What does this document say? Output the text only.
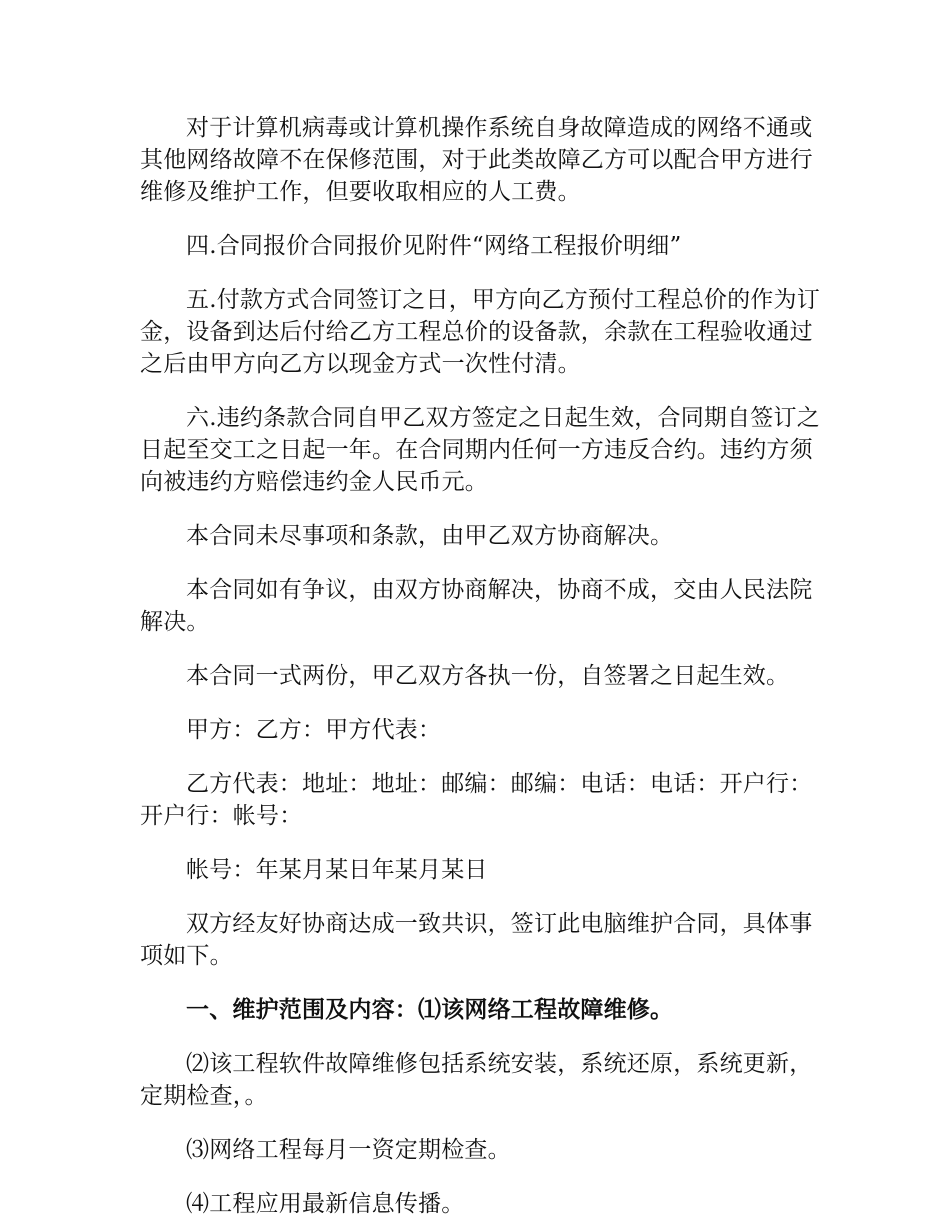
对于计算机病毒或计算机操作系统自身故障造成的网络不通或其他网络故障不在保修范围，对于此类故障乙方可以配合甲方进行维修及维护工作，但要收取相应的人工费。

四.合同报价合同报价见附件“网络工程报价明细”

五.付款方式合同签订之日，甲方向乙方预付工程总价的作为订金，设备到达后付给乙方工程总价的设备款，余款在工程验收通过之后由甲方向乙方以现金方式一次性付清。

六.违约条款合同自甲乙双方签定之日起生效，合同期自签订之日起至交工之日起一年。在合同期内任何一方违反合约。违约方须向被违约方赔偿违约金人民币元。

本合同未尽事项和条款，由甲乙双方协商解决。

本合同如有争议，由双方协商解决，协商不成，交由人民法院解决。

本合同一式两份，甲乙双方各执一份，自签署之日起生效。

甲方：乙方：甲方代表：

乙方代表：地址：地址：邮编：邮编：电话：电话：开户行：开户行：帐号：

帐号：年某月某日年某月某日

双方经友好协商达成一致共识，签订此电脑维护合同，具体事项如下。

一、维护范围及内容：⑴该网络工程故障维修。

⑵该工程软件故障维修包括系统安装，系统还原，系统更新，定期检查，。

⑶网络工程每月一资定期检查。

⑷工程应用最新信息传播。
